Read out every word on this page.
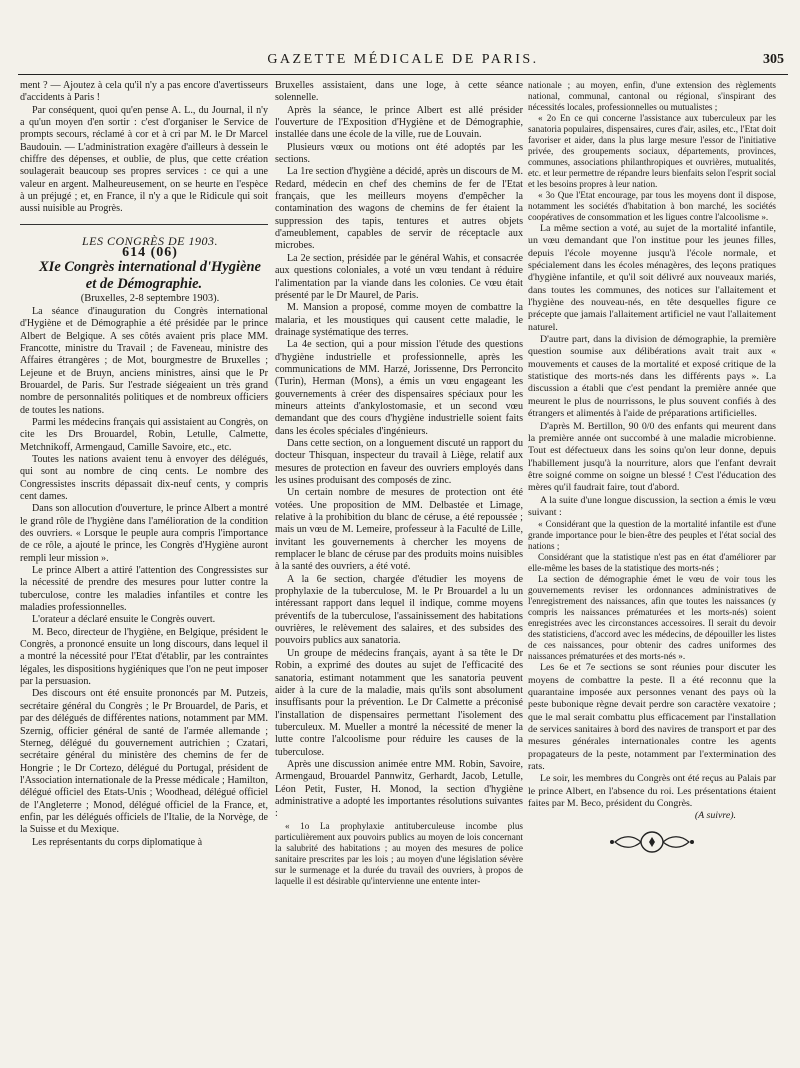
GAZETTE MÉDICALE DE PARIS.	305

ment ? — Ajoutez à cela qu'il n'y a pas encore d'avertisseurs d'accidents à Paris !

Par conséquent, quoi qu'en pense A. L., du Journal, il n'y a qu'un moyen d'en sortir : c'est d'organiser le Service de prompts secours, réclamé à cor et à cri par M. le Dr Marcel Baudouin. — L'administration exagère d'ailleurs à dessein le chiffre des dépenses, et oublie, de plus, que cette création soulagerait beaucoup ses propres services : ce qui a une valeur en argent. Malheureusement, on se heurte en l'espèce à un préjugé ; et, en France, il n'y a que le Ridicule qui soit aussi nuisible au Progrès.

LES CONGRÈS DE 1903.

614 (06)

XIe Congrès international d'Hygiène et de Démographie.

(Bruxelles, 2-8 septembre 1903).

La séance d'inauguration du Congrès international d'Hygiène et de Démographie a été présidée par le prince Albert de Belgique. A ses côtés avaient pris place MM. Francotte, ministre du Travail ; de Faveneau, ministre des Affaires étrangères ; de Mot, bourgmestre de Bruxelles ; Lejeune et de Bruyn, anciens ministres, ainsi que le Pr Brouardel, de Paris. Sur l'estrade siégeaient un très grand nombre de personnalités politiques et de nombreux officiers de toutes les nations.

Parmi les médecins français qui assistaient au Congrès, on cite les Drs Brouardel, Robin, Letulle, Calmette, Metchnikoff, Armengaud, Camille Savoire, etc., etc.

Toutes les nations avaient tenu à envoyer des délégués, qui sont au nombre de cinq cents. Le nombre des Congressistes inscrits dépassait dix-neuf cents, y compris cent dames.

Dans son allocution d'ouverture, le prince Albert a montré le grand rôle de l'hygiène dans l'amélioration de la condition des ouvriers. « Lorsque le peuple aura compris l'importance de ce rôle, a ajouté le prince, les Congrès d'Hygiène auront rempli leur mission ».

Le prince Albert a attiré l'attention des Congressistes sur la nécessité de prendre des mesures pour lutter contre la tuberculose, contre les maladies infantiles et contre les maladies professionnelles.

L'orateur a déclaré ensuite le Congrès ouvert.

M. Beco, directeur de l'hygiène, en Belgique, président le Congrès, a prononcé ensuite un long discours, dans lequel il a montré la nécessité pour l'Etat d'établir, par les contraintes légales, les dispositions hygiéniques que l'on ne peut imposer par la persuasion.

Des discours ont été ensuite prononcés par M. Putzeis, secrétaire général du Congrès ; le Pr Brouardel, de Paris, et par des délégués de différentes nations, notamment par MM. Szernig, officier général de santé de l'armée allemande ; Sterneg, délégué du gouvernement autrichien ; Czatari, secrétaire général du ministère des chemins de fer de Hongrie ; le Dr Cortezo, délégué du Portugal, président de l'Association internationale de la Presse médicale ; Hamilton, délégué officiel des Etats-Unis ; Woodhead, délégué officiel de l'Angleterre ; Monod, délégué officiel de la France, et, enfin, par les délégués officiels de l'Italie, de la Norvège, de la Suisse et du Mexique.

Les représentants du corps diplomatique à

Bruxelles assistaient, dans une loge, à cette séance solennelle.

Après la séance, le prince Albert est allé présider l'ouverture de l'Exposition d'Hygiène et de Démographie, installée dans une école de la ville, rue de Louvain.

Plusieurs vœux ou motions ont été adoptés par les sections.

La 1re section d'hygiène a décidé, après un discours de M. Redard, médecin en chef des chemins de fer de l'Etat français, que les meilleurs moyens d'empêcher la contamination des wagons de chemins de fer étaient la suppression des tapis, tentures et autres objets d'ameublement, capables de servir de réceptacle aux microbes.

La 2e section, présidée par le général Wahis, et consacrée aux questions coloniales, a voté un vœu tendant à réduire l'alimentation par la viande dans les colonies. Ce vœu était présenté par le Dr Maurel, de Paris.

M. Mansion a proposé, comme moyen de combattre la malaria, et les moustiques qui causent cette maladie, le drainage systématique des terres.

La 4e section, qui a pour mission l'étude des questions d'hygiène industrielle et professionnelle, après les communications de MM. Harzé, Jorissenne, Drs Perroncito (Turin), Herman (Mons), a émis un vœu engageant les gouvernements à créer des dispensaires spéciaux pour les mineurs atteints d'ankylostomasie, et un second vœu demandant que des cours d'hygiène industrielle soient faits dans les écoles spéciales d'ingénieurs.

Dans cette section, on a longuement discuté un rapport du docteur Thisquan, inspecteur du travail à Liège, relatif aux mesures de protection en faveur des ouvriers employés dans les usines produisant des composés de zinc.

Un certain nombre de mesures de protection ont été votées. Une proposition de MM. Delbastée et Limage, relative à la prohibition du blanc de céruse, a été repoussée ; mais un vœu de M. Lemeire, professeur à la Faculté de Lille, invitant les gouvernements à chercher les moyens de remplacer le blanc de céruse par des produits moins nuisibles à la santé des ouvriers, a été voté.

A la 6e section, chargée d'étudier les moyens de prophylaxie de la tuberculose, M. le Pr Brouardel a lu un intéressant rapport dans lequel il indique, comme moyens préventifs de la tuberculose, l'assainissement des habitations ouvrières, le relèvement des salaires, et des subsides des pouvoirs publics aux sanatoria.

Un groupe de médecins français, ayant à sa tête le Dr Robin, a exprimé des doutes au sujet de l'efficacité des sanatoria, estimant notamment que les sanatoria peuvent aider à la cure de la maladie, mais qu'ils sont absolument insuffisants pour la prévention. Le Dr Calmette a préconisé l'installation de dispensaires permettant l'isolement des tuberculeux. M. Mueller a montré la nécessité de mener la lutte contre l'alcoolisme pour réduire les causes de la tuberculose.

Après une discussion animée entre MM. Robin, Savoire, Armengaud, Brouardel Pannwitz, Gerhardt, Jacob, Letulle, Léon Petit, Fuster, H. Monod, la section d'hygiène administrative a adopté les importantes résolutions suivantes :

« 1o La prophylaxie antituberculeuse incombe plus particulièrement aux pouvoirs publics au moyen de lois concernant la salubrité des habitations ; au moyen des mesures de police sanitaire prescrites par les lois ; au moyen d'une législation sévère sur le surmenage et la durée du travail des ouvriers, à propos de laquelle il est désirable qu'intervienne une entente inter-

nationale ; au moyen, enfin, d'une extension des règlements national, communal, cantonal ou régional, s'inspirant des nécessités locales, professionnelles ou mutualistes ;

« 2o En ce qui concerne l'assistance aux tuberculeux par les sanatoria populaires, dispensaires, cures d'air, asiles, etc., l'Etat doit favoriser et aider, dans la plus large mesure l'essor de l'initiative privée, des groupements sociaux, départements, provinces, communes, associations philanthropiques et ouvrières, mutualités, etc. et leur permettre de répandre leurs bienfaits selon l'esprit social et les besoins propres à leur nation.

« 3o Que l'Etat encourage, par tous les moyens dont il dispose, notamment les sociétés d'habitation à bon marché, les sociétés coopératives de consommation et les ligues contre l'alcoolisme ».

La même section a voté, au sujet de la mortalité infantile, un vœu demandant que l'on institue pour les jeunes filles, depuis l'école moyenne jusqu'à l'école normale, et spécialement dans les écoles ménagères, des leçons pratiques d'hygiène infantile, et qu'il soit délivré aux nouveaux mariés, dans toutes les communes, des notices sur l'allaitement et l'hygiène des nouveau-nés, en tête desquelles figure ce précepte que jamais l'allaitement artificiel ne vaut l'allaitement naturel.

D'autre part, dans la division de démographie, la première question soumise aux délibérations avait trait aux « mouvements et causes de la mortalité et exposé critique de la statistique des morts-nés dans les différents pays ». La discussion a établi que c'est pendant la première année que meurent le plus de nourrissons, le plus souvent confiés à des étrangers et alimentés à l'aide de préparations artificielles.

D'après M. Bertillon, 90 0/0 des enfants qui meurent dans la première année ont succombé à une maladie microbienne. Tout est défectueux dans les soins qu'on leur donne, depuis l'habillement jusqu'à la nourriture, alors que l'enfant devrait être soigné comme on soigne un blessé ! C'est l'éducation des mères qu'il faudrait faire, tout d'abord.

A la suite d'une longue discussion, la section a émis le vœu suivant :

« Considérant que la question de la mortalité infantile est d'une grande importance pour le bien-être des peuples et l'état social des nations ;

Considérant que la statistique n'est pas en état d'améliorer par elle-même les bases de la statistique des morts-nés ;

La section de démographie émet le vœu de voir tous les gouvernements reviser les ordonnances administratives de l'enregistrement des naissances, afin que toutes les naissances (y compris les naissances prématurées et les morts-nés) soient enregistrées avec les circonstances accessoires. Il serait du devoir des statisticiens, d'accord avec les médecins, de dépouiller les listes de ces naissances, pour obtenir des cadres uniformes des naissances prématurées et des morts-nés ».

Les 6e et 7e sections se sont réunies pour discuter les moyens de combattre la peste. Il a été reconnu que la quarantaine imposée aux personnes venant des pays où la peste bubonique règne devait perdre son caractère vexatoire ; que le mal serait combattu plus efficacement par l'installation de services sanitaires à bord des navires de transport et par des mesures générales internationales contre les agents propagateurs de la peste, notamment par l'extermination des rats.

Le soir, les membres du Congrès ont été reçus au Palais par le prince Albert, en l'absence du roi. Les présentations étaient faites par M. Beco, président du Congrès.

(A suivre).
